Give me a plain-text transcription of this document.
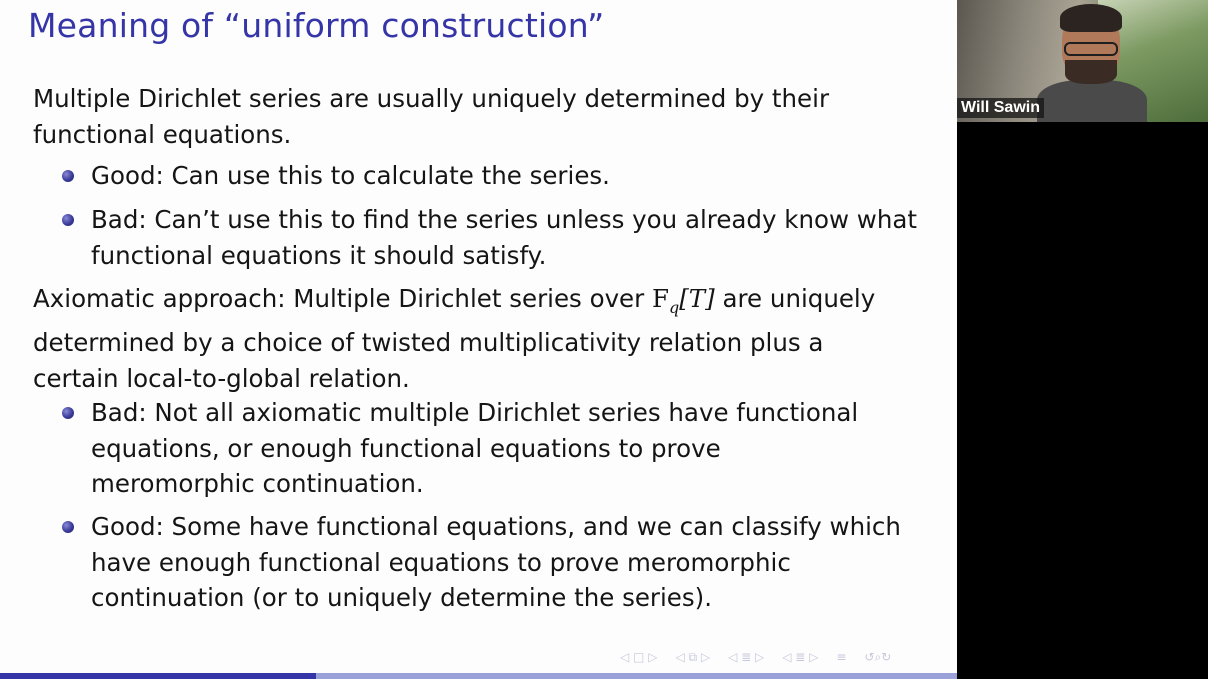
Meaning of “uniform construction”
Multiple Dirichlet series are usually uniquely determined by their functional equations.
Good: Can use this to calculate the series.
Bad: Can’t use this to find the series unless you already know what functional equations it should satisfy.
Axiomatic approach: Multiple Dirichlet series over $F_q[T]$ are uniquely determined by a choice of twisted multiplicativity relation plus a certain local-to-global relation.
Bad: Not all axiomatic multiple Dirichlet series have functional equations, or enough functional equations to prove meromorphic continuation.
Good: Some have functional equations, and we can classify which have enough functional equations to prove meromorphic continuation (or to uniquely determine the series).
◁ □ ▷ ◁ ⧉ ▷ ◁ ≣ ▷ ◁ ≣ ▷ ≡ ↺⌕↻
Will Sawin
